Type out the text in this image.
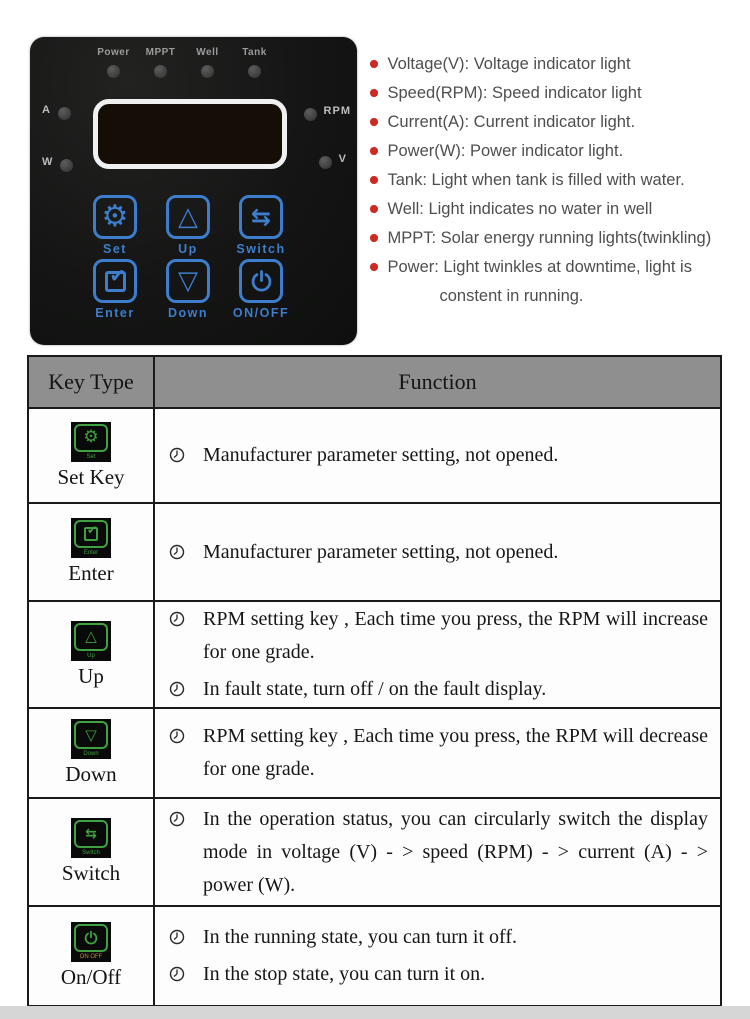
Power MPPT Well Tank
A
W
RPM
V
⚙
Set
△
Up
⇆
Switch
✔
Enter
▽
Down ON/OFF
Voltage(V): Voltage indicator light
Speed(RPM): Speed indicator light
Current(A): Current indicator light.
Power(W): Power indicator light.
Tank: Light when tank is filled with water.
Well: Light indicates no water in well
MPPT: Solar energy running lights(twinkling)
Power: Light twinkles at downtime, light is
constent in running.
Key Type	Function
⚙
Set
Set Key
Manufacturer parameter setting, not opened.
✔
Enter
Enter
Manufacturer parameter setting, not opened.
△
Up
Up
RPM setting key , Each time you press, the RPM will increase for one grade.
In fault state, turn off / on the fault display.
▽
Down
Down
RPM setting key , Each time you press, the RPM will decrease for one grade.
⇆
Switch
Switch
In the operation status, you can circularly switch the display mode in voltage (V) - > speed (RPM) - > current (A) - > power (W).
ON OFF
On/Off
In the running state, you can turn it off.
In the stop state, you can turn it on.
